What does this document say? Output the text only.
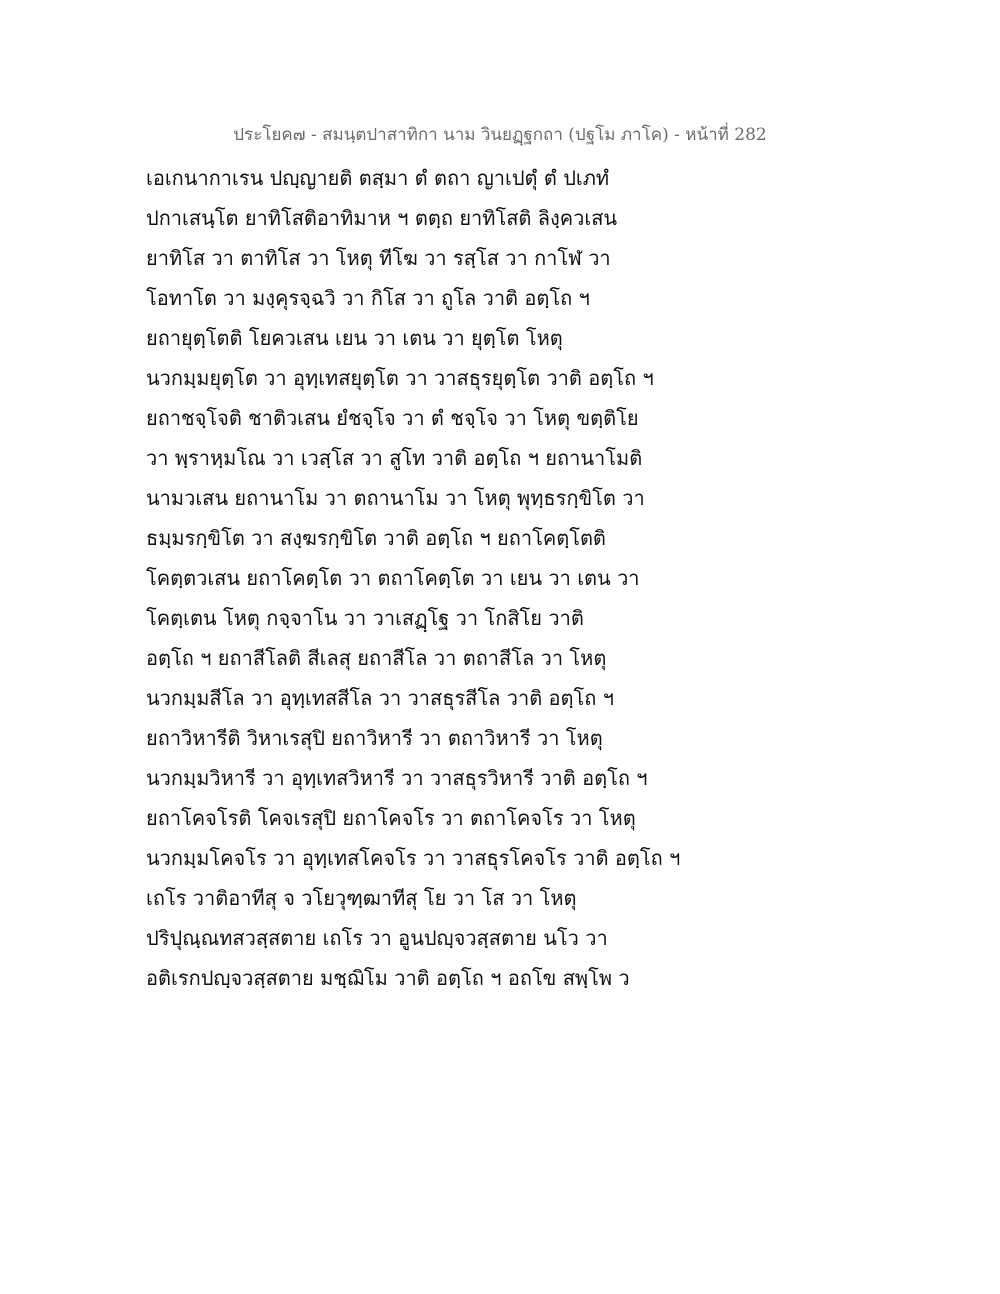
ประโยค๗ - สมนฺตปาสาทิกา นาม วินยฏฺฐกถา (ปฐโม ภาโค) - หน้าที่ 282
เอเกนากาเรน ปญฺญายติ ตสฺมา ตํ ตถา ญาเปตุํ ตํ ปเภทํ
ปกาเสนฺโต ยาทิโสติอาทิมาห ฯ ตตฺถ ยาทิโสติ ลิงฺควเสน
ยาทิโส วา ตาทิโส วา โหตุ ทีโฆ วา รสฺโส วา กาโฬ วา
โอทาโต วา มงฺคุรจฺฉวิ วา กิโส วา ถูโล วาติ อตฺโถ ฯ
ยถายุตฺโตติ โยควเสน เยน วา เตน วา ยุตฺโต โหตุ
นวกมฺมยุตฺโต วา อุทฺเทสยุตฺโต วา วาสธุรยุตฺโต วาติ อตฺโถ ฯ
ยถาชจฺโจติ ชาติวเสน ยํชจฺโจ วา ตํ ชจฺโจ วา โหตุ ขตฺติโย
วา พฺราหฺมโณ วา เวสฺโส วา สูโท วาติ อตฺโถ ฯ ยถานาโมติ
นามวเสน ยถานาโม วา ตถานาโม วา โหตุ พุทฺธรกฺขิโต วา
ธมฺมรกฺขิโต วา สงฺฆรกฺขิโต วาติ อตฺโถ ฯ ยถาโคตฺโตติ
โคตฺตวเสน ยถาโคตฺโต วา ตถาโคตฺโต วา เยน วา เตน วา
โคตฺเตน โหตุ กจฺจาโน วา วาเสฏฺโฐ วา โกสิโย วาติ
อตฺโถ ฯ ยถาสีโลติ สีเลสุ ยถาสีโล วา ตถาสีโล วา โหตุ
นวกมฺมสีโล วา อุทฺเทสสีโล วา วาสธุรสีโล วาติ อตฺโถ ฯ
ยถาวิหารีติ วิหาเรสุปิ ยถาวิหารี วา ตถาวิหารี วา โหตุ
นวกมฺมวิหารี วา อุทฺเทสวิหารี วา วาสธุรวิหารี วาติ อตฺโถ ฯ
ยถาโคจโรติ โคจเรสุปิ ยถาโคจโร วา ตถาโคจโร วา โหตุ
นวกมฺมโคจโร วา อุทฺเทสโคจโร วา วาสธุรโคจโร วาติ อตฺโถ ฯ
เถโร วาติอาทีสุ จ วโยวุฑฺฒาทีสุ โย วา โส วา โหตุ
ปริปุณฺณทสวสฺสตาย เถโร วา อูนปญฺจวสฺสตาย นโว วา
อติเรกปญฺจวสฺสตาย มชฺฌิโม วาติ อตฺโถ ฯ อถโข สพฺโพ ว
